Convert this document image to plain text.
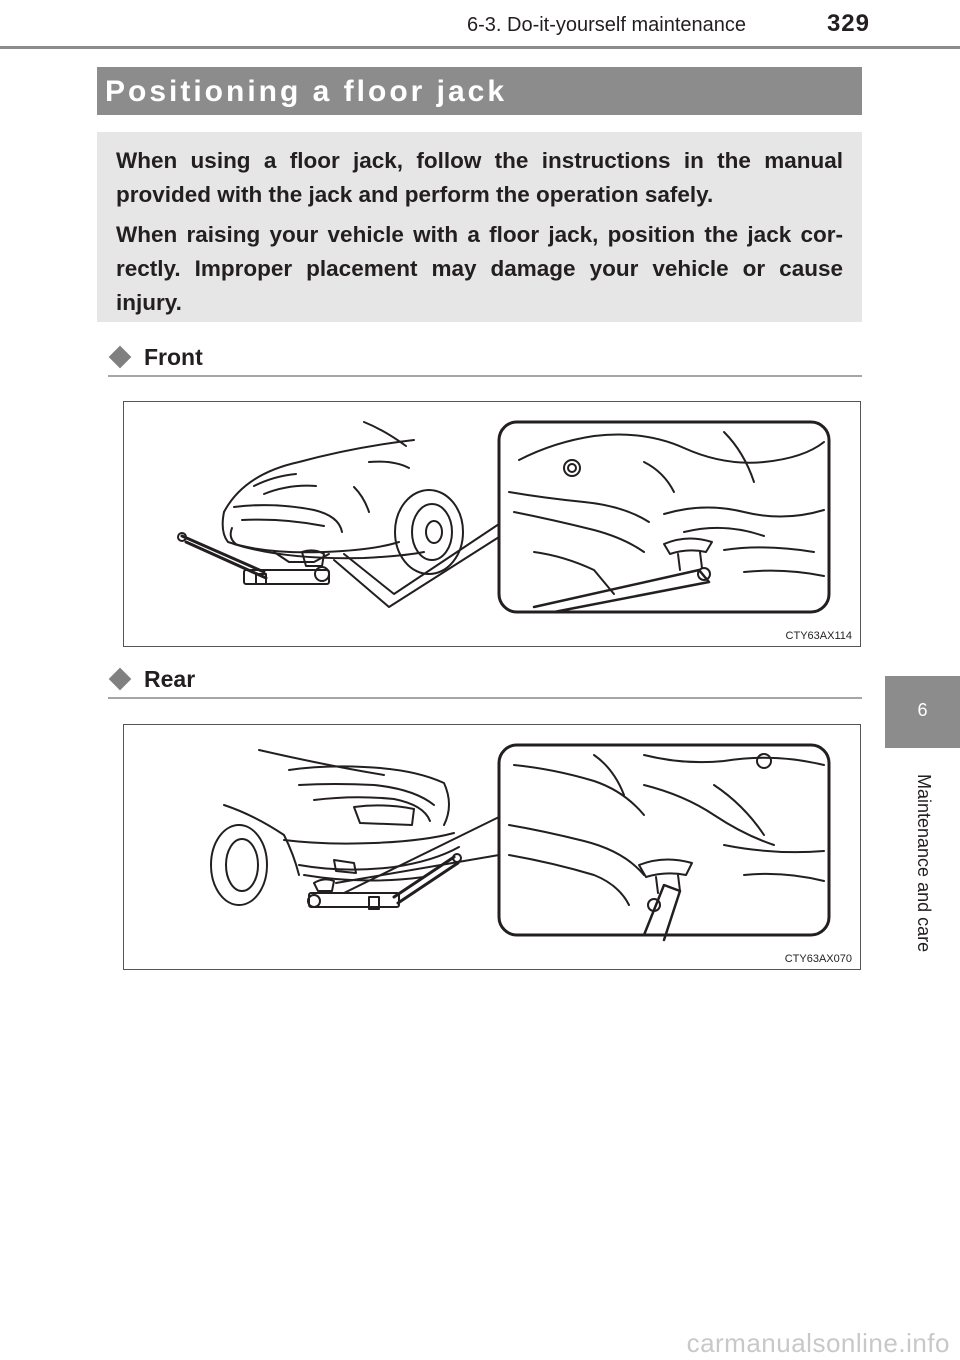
6-3. Do-it-yourself maintenance	329
Positioning a floor jack

When using a floor jack, follow the instructions in the manual provided with the jack and perform the operation safely.

When raising your vehicle with a floor jack, position the jack cor-rectly. Improper placement may damage your vehicle or cause injury.

Front
CTY63AX114
Rear
CTY63AX070
6
Maintenance and care
carmanualsonline.info
